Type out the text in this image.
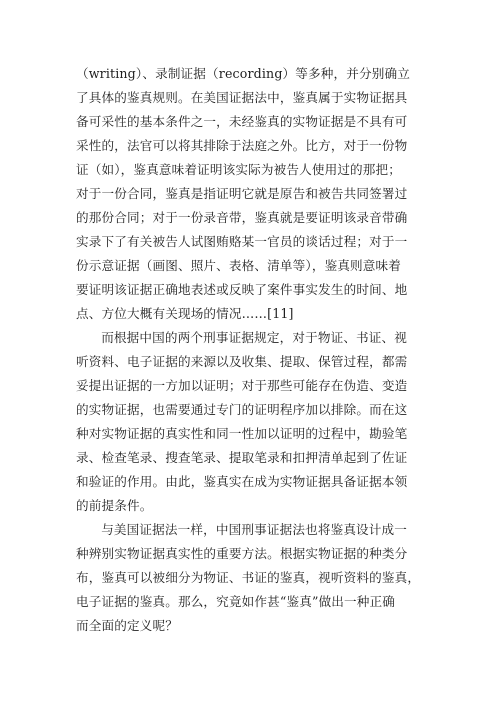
（writing）、录制证据（recording）等多种，并分别确立
了具体的鉴真规则。在美国证据法中，鉴真属于实物证据具
备可采性的基本条件之一，未经鉴真的实物证据是不具有可
采性的，法官可以将其排除于法庭之外。比方，对于一份物
证（如），鉴真意味着证明该实际为被告人使用过的那把；
对于一份合同，鉴真是指证明它就是原告和被告共同签署过
的那份合同；对于一份录音带，鉴真就是要证明该录音带确
实录下了有关被告人试图贿赂某一官员的谈话过程；对于一
份示意证据（画图、照片、表格、清单等），鉴真则意味着
要证明该证据正确地表述或反映了案件事实发生的时间、地
点、方位大概有关现场的情况……[11]

而根据中国的两个刑事证据规定，对于物证、书证、视
听资料、电子证据的来源以及收集、提取、保管过程，都需
妥提出证据的一方加以证明；对于那些可能存在伪造、变造
的实物证据，也需要通过专门的证明程序加以排除。而在这
种对实物证据的真实性和同一性加以证明的过程中，勘验笔
录、检查笔录、搜查笔录、提取笔录和扣押清单起到了佐证
和验证的作用。由此，鉴真实在成为实物证据具备证据本领
的前提条件。

与美国证据法一样，中国刑事证据法也将鉴真设计成一
种辨别实物证据真实性的重要方法。根据实物证据的种类分
布，鉴真可以被细分为物证、书证的鉴真，视听资料的鉴真，
电子证据的鉴真。那么，究竟如作甚“鉴真”做出一种正确
而全面的定义呢？
